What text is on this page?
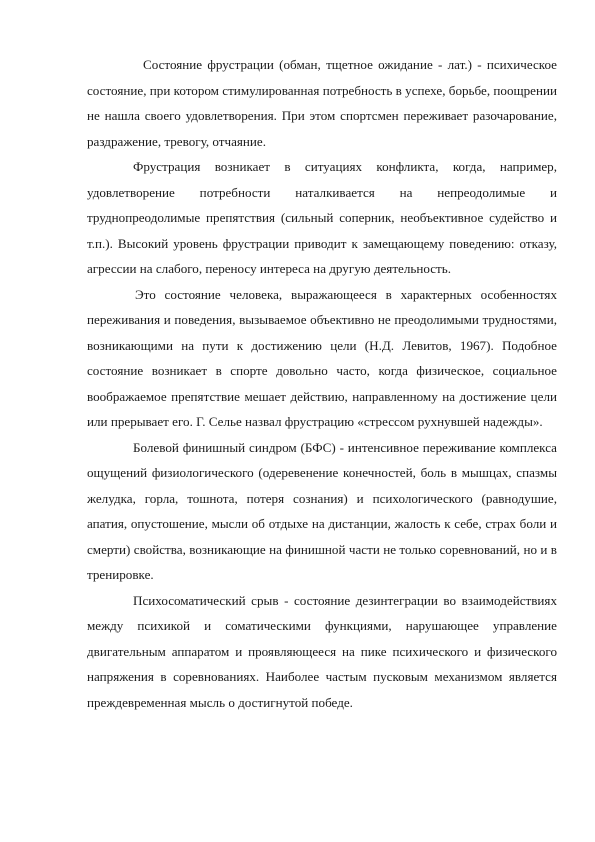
Состояние фрустрации (обман, тщетное ожидание - лат.) - психическое состояние, при котором стимулированная потребность в успехе, борьбе, поощрении не нашла своего удовлетворения. При этом спортсмен переживает разочарование, раздражение, тревогу, отчаяние.

Фрустрация возникает в ситуациях конфликта, когда, например, удовлетворение потребности наталкивается на непреодолимые и труднопреодолимые препятствия (сильный соперник, необъективное судейство и т.п.). Высокий уровень фрустрации приводит к замещающему поведению: отказу, агрессии на слабого, переносу интереса на другую деятельность.

Это состояние человека, выражающееся в характерных особенностях переживания и поведения, вызываемое объективно не преодолимыми трудностями, возникающими на пути к достижению цели (Н.Д. Левитов, 1967). Подобное состояние возникает в спорте довольно часто, когда физическое, социальное воображаемое препятствие мешает действию, направленному на достижение цели или прерывает его. Г. Селье назвал фрустрацию «стрессом рухнувшей надежды».

Болевой финишный синдром (БФС) - интенсивное переживание комплекса ощущений физиологического (одеревенение конечностей, боль в мышцах, спазмы желудка, горла, тошнота, потеря сознания) и психологического (равнодушие, апатия, опустошение, мысли об отдыхе на дистанции, жалость к себе, страх боли и смерти) свойства, возникающие на финишной части не только соревнований, но и в тренировке.

Психосоматический срыв - состояние дезинтеграции во взаимодействиях между психикой и соматическими функциями, нарушающее управление двигательным аппаратом и проявляющееся на пике психического и физического напряжения в соревнованиях. Наиболее частым пусковым механизмом является преждевременная мысль о достигнутой победе.
